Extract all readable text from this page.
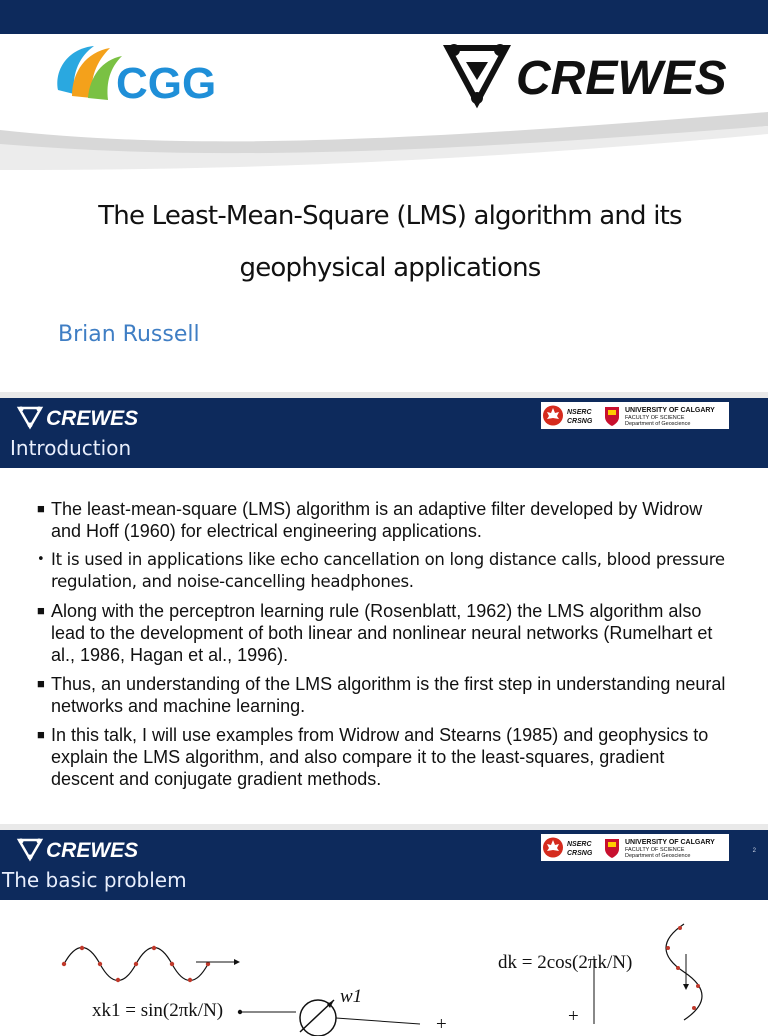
CGG	CREWES
The Least-Mean-Square (LMS) algorithm and its
geophysical applications
Brian Russell
CREWES
Introduction
NSERC
CRSNG
UNIVERSITY OF CALGARY
FACULTY OF SCIENCE
Department of Geoscience
■ The least-mean-square (LMS) algorithm is an adaptive filter developed by Widrow and Hoff (1960) for electrical engineering applications.
• It is used in applications like echo cancellation on long distance calls, blood pressure regulation, and noise-cancelling headphones.
■ Along with the perceptron learning rule (Rosenblatt, 1962) the LMS algorithm also lead to the development of both linear and nonlinear neural networks (Rumelhart et al., 1986, Hagan et al., 1996).
■ Thus, an understanding of the LMS algorithm is the first step in understanding neural networks and machine learning.
■ In this talk, I will use examples from Widrow and Stearns (1985) and geophysics to explain the LMS algorithm, and also compare it to the least-squares, gradient descent and conjugate gradient methods.
CREWES
The basic problem
NSERC
CRSNG
UNIVERSITY OF CALGARY
FACULTY OF SCIENCE
Department of Geoscience
2
dk = 2cos(2πk/N)
xk1 = sin(2πk/N)
w1
+	+
